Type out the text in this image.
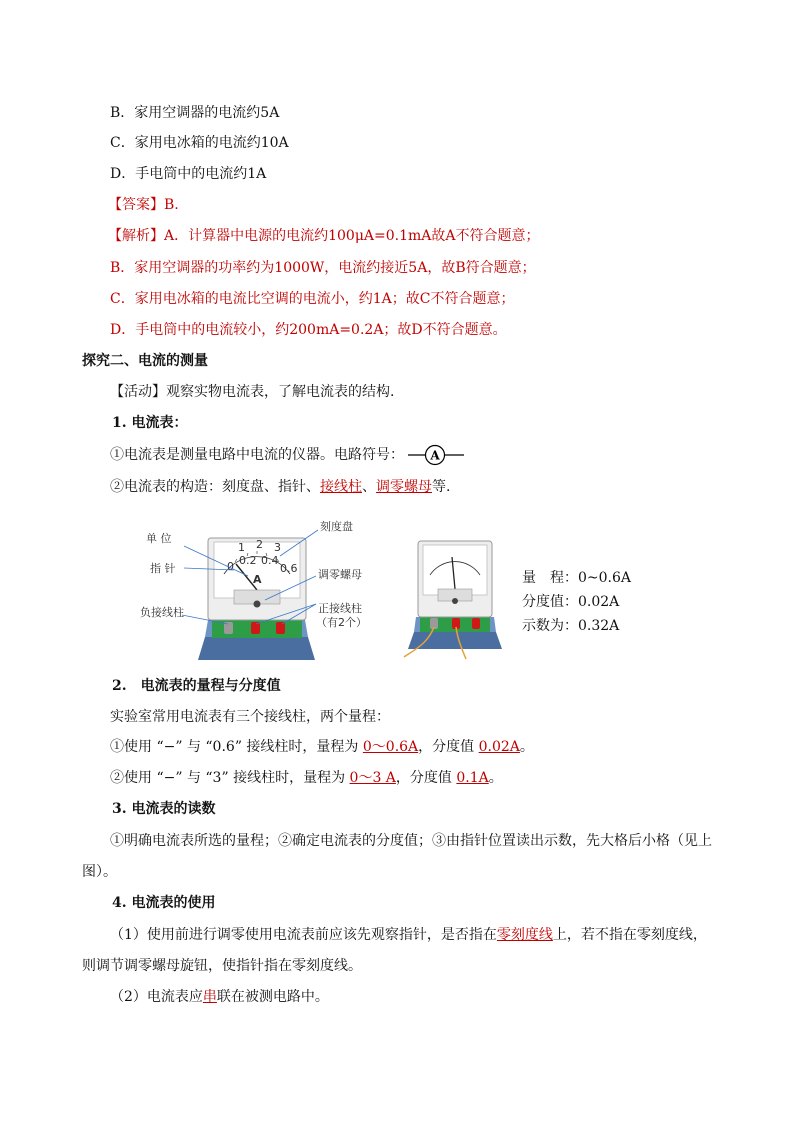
B．家用空调器的电流约5A
C．家用电冰箱的电流约10A
D．手电筒中的电流约1A
【答案】B.
【解析】A．计算器中电源的电流约100μA=0.1mA故A不符合题意；
B．家用空调器的功率约为1000W，电流约接近5A，故B符合题意；
C．家用电冰箱的电流比空调的电流小，约1A；故C不符合题意；
D．手电筒中的电流较小，约200mA=0.2A；故D不符合题意。
探究二、电流的测量
【活动】观察实物电流表，了解电流表的结构.
1. 电流表：
①电流表是测量电路中电流的仪器。电路符号： A
②电流表的构造：刻度盘、指针、接线柱、调零螺母等.
0 0.2 0.4
0.6
1 2 3
A
单 位
指 针
刻度盘
调零螺母
负接线柱	正接线柱
（有2个）
量　程：0~0.6A
分度值：0.02A
示数为：0.32A
2.　电流表的量程与分度值
实验室常用电流表有三个接线柱，两个量程：
①使用 “−” 与 “0.6” 接线柱时，量程为 0～0.6A，分度值 0.02A。
②使用 “−” 与 “3” 接线柱时，量程为 0～3 A，分度值 0.1A。
3. 电流表的读数
①明确电流表所选的量程；②确定电流表的分度值；③由指针位置读出示数，先大格后小格（见上
图）。
4. 电流表的使用
（1）使用前进行调零使用电流表前应该先观察指针，是否指在零刻度线上，若不指在零刻度线，
则调节调零螺母旋钮，使指针指在零刻度线。
（2）电流表应串联在被测电路中。
